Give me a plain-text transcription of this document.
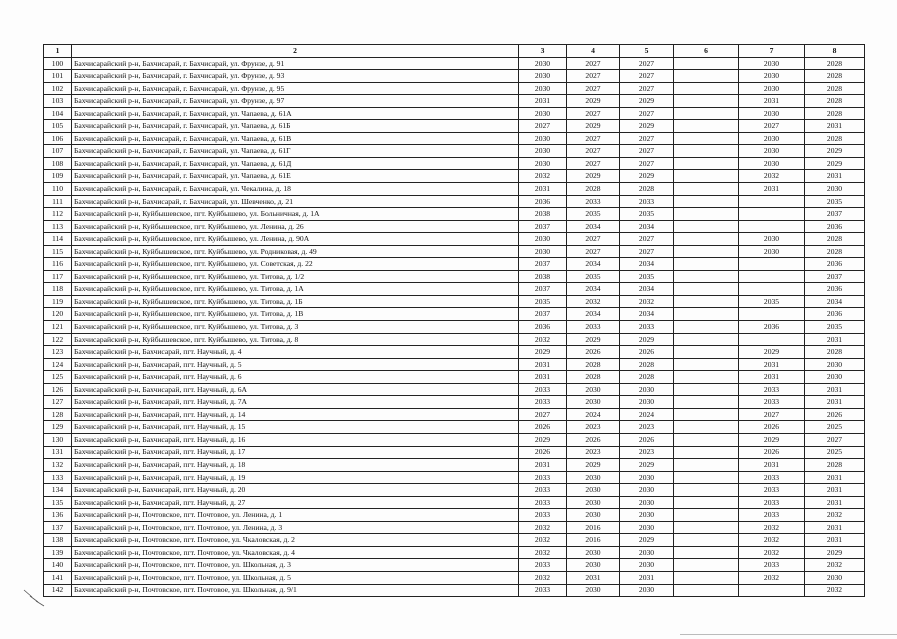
1	2	3	4	5	6	7	8
100	Бахчисарайский р-н, Бахчисарай, г. Бахчисарай, ул. Фрунзе, д. 91	2030	2027	2027		2030	2028
101	Бахчисарайский р-н, Бахчисарай, г. Бахчисарай, ул. Фрунзе, д. 93	2030	2027	2027		2030	2028
102	Бахчисарайский р-н, Бахчисарай, г. Бахчисарай, ул. Фрунзе, д. 95	2030	2027	2027		2030	2028
103	Бахчисарайский р-н, Бахчисарай, г. Бахчисарай, ул. Фрунзе, д. 97	2031	2029	2029		2031	2028
104	Бахчисарайский р-н, Бахчисарай, г. Бахчисарай, ул. Чапаева, д. 61А	2030	2027	2027		2030	2028
105	Бахчисарайский р-н, Бахчисарай, г. Бахчисарай, ул. Чапаева, д. 61Б	2027	2029	2029		2027	2031
106	Бахчисарайский р-н, Бахчисарай, г. Бахчисарай, ул. Чапаева, д. 61В	2030	2027	2027		2030	2028
107	Бахчисарайский р-н, Бахчисарай, г. Бахчисарай, ул. Чапаева, д. 61Г	2030	2027	2027		2030	2029
108	Бахчисарайский р-н, Бахчисарай, г. Бахчисарай, ул. Чапаева, д. 61Д	2030	2027	2027		2030	2029
109	Бахчисарайский р-н, Бахчисарай, г. Бахчисарай, ул. Чапаева, д. 61Е	2032	2029	2029		2032	2031
110	Бахчисарайский р-н, Бахчисарай, г. Бахчисарай, ул. Чекалина, д. 18	2031	2028	2028		2031	2030
111	Бахчисарайский р-н, Бахчисарай, г. Бахчисарай, ул. Шевченко, д. 21	2036	2033	2033			2035
112	Бахчисарайский р-н, Куйбышевское, пгт. Куйбышево, ул. Больничная, д. 1А	2038	2035	2035			2037
113	Бахчисарайский р-н, Куйбышевское, пгт. Куйбышево, ул. Ленина, д. 26	2037	2034	2034			2036
114	Бахчисарайский р-н, Куйбышевское, пгт. Куйбышево, ул. Ленина, д. 90А	2030	2027	2027		2030	2028
115	Бахчисарайский р-н, Куйбышевское, пгт. Куйбышево, ул. Родниковая, д. 49	2030	2027	2027		2030	2028
116	Бахчисарайский р-н, Куйбышевское, пгт. Куйбышево, ул. Советская, д. 22	2037	2034	2034			2036
117	Бахчисарайский р-н, Куйбышевское, пгт. Куйбышево, ул. Титова, д. 1/2	2038	2035	2035			2037
118	Бахчисарайский р-н, Куйбышевское, пгт. Куйбышево, ул. Титова, д. 1А	2037	2034	2034			2036
119	Бахчисарайский р-н, Куйбышевское, пгт. Куйбышево, ул. Титова, д. 1Б	2035	2032	2032		2035	2034
120	Бахчисарайский р-н, Куйбышевское, пгт. Куйбышево, ул. Титова, д. 1В	2037	2034	2034			2036
121	Бахчисарайский р-н, Куйбышевское, пгт. Куйбышево, ул. Титова, д. 3	2036	2033	2033		2036	2035
122	Бахчисарайский р-н, Куйбышевское, пгт. Куйбышево, ул. Титова, д. 8	2032	2029	2029			2031
123	Бахчисарайский р-н, Бахчисарай, пгт. Научный, д. 4	2029	2026	2026		2029	2028
124	Бахчисарайский р-н, Бахчисарай, пгт. Научный, д. 5	2031	2028	2028		2031	2030
125	Бахчисарайский р-н, Бахчисарай, пгт. Научный, д. 6	2031	2028	2028		2031	2030
126	Бахчисарайский р-н, Бахчисарай, пгт. Научный, д. 6А	2033	2030	2030		2033	2031
127	Бахчисарайский р-н, Бахчисарай, пгт. Научный, д. 7А	2033	2030	2030		2033	2031
128	Бахчисарайский р-н, Бахчисарай, пгт. Научный, д. 14	2027	2024	2024		2027	2026
129	Бахчисарайский р-н, Бахчисарай, пгт. Научный, д. 15	2026	2023	2023		2026	2025
130	Бахчисарайский р-н, Бахчисарай, пгт. Научный, д. 16	2029	2026	2026		2029	2027
131	Бахчисарайский р-н, Бахчисарай, пгт. Научный, д. 17	2026	2023	2023		2026	2025
132	Бахчисарайский р-н, Бахчисарай, пгт. Научный, д. 18	2031	2029	2029		2031	2028
133	Бахчисарайский р-н, Бахчисарай, пгт. Научный, д. 19	2033	2030	2030		2033	2031
134	Бахчисарайский р-н, Бахчисарай, пгт. Научный, д. 20	2033	2030	2030		2033	2031
135	Бахчисарайский р-н, Бахчисарай, пгт. Научный, д. 27	2033	2030	2030		2033	2031
136	Бахчисарайский р-н, Почтовское, пгт. Почтовое, ул. Ленина, д. 1	2033	2030	2030		2033	2032
137	Бахчисарайский р-н, Почтовское, пгт. Почтовое, ул. Ленина, д. 3	2032	2016	2030		2032	2031
138	Бахчисарайский р-н, Почтовское, пгт. Почтовое, ул. Чкаловская, д. 2	2032	2016	2029		2032	2031
139	Бахчисарайский р-н, Почтовское, пгт. Почтовое, ул. Чкаловская, д. 4	2032	2030	2030		2032	2029
140	Бахчисарайский р-н, Почтовское, пгт. Почтовое, ул. Школьная, д. 3	2033	2030	2030		2033	2032
141	Бахчисарайский р-н, Почтовское, пгт. Почтовое, ул. Школьная, д. 5	2032	2031	2031		2032	2030
142	Бахчисарайский р-н, Почтовское, пгт. Почтовое, ул. Школьная, д. 9/1	2033	2030	2030			2032
